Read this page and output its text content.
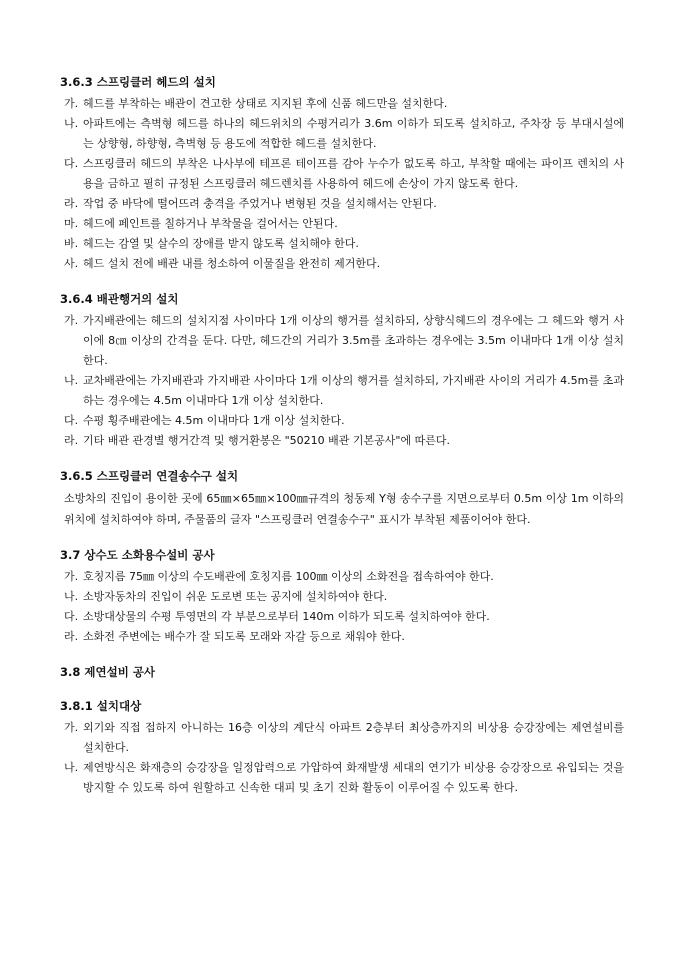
3.6.3 스프링클러 헤드의 설치

가. 헤드를 부착하는 배관이 견고한 상태로 지지된 후에 신품 헤드만을 설치한다.

나. 아파트에는 측벽형 헤드를 하나의 헤드위치의 수평거리가 3.6m 이하가 되도록 설치하고, 주차장 등 부대시설에는 상향형, 하향형, 측벽형 등 용도에 적합한 헤드를 설치한다.

다. 스프링클러 헤드의 부착은 나사부에 테프론 테이프를 감아 누수가 없도록 하고, 부착할 때에는 파이프 렌치의 사용을 금하고 필히 규정된 스프링클러 헤드렌치를 사용하여 헤드에 손상이 가지 않도록 한다.

라. 작업 중 바닥에 떨어뜨려 충격을 주었거나 변형된 것을 설치해서는 안된다.

마. 헤드에 페인트를 칠하거나 부착물을 걸어서는 안된다.

바. 헤드는 감열 및 살수의 장애를 받지 않도록 설치해야 한다.

사. 헤드 설치 전에 배관 내를 청소하여 이물질을 완전히 제거한다.

3.6.4 배관행거의 설치

가. 가지배관에는 헤드의 설치지점 사이마다 1개 이상의 행거를 설치하되, 상향식헤드의 경우에는 그 헤드와 행거 사이에 8㎝ 이상의 간격을 둔다. 다만, 헤드간의 거리가 3.5m를 초과하는 경우에는 3.5m 이내마다 1개 이상 설치한다.

나. 교차배관에는 가지배관과 가지배관 사이마다 1개 이상의 행거를 설치하되, 가지배관 사이의 거리가 4.5m를 초과하는 경우에는 4.5m 이내마다 1개 이상 설치한다.

다. 수평 횡주배관에는 4.5m 이내마다 1개 이상 설치한다.

라. 기타 배관 관경별 행거간격 및 행거환봉은 "50210 배관 기본공사"에 따른다.

3.6.5 스프링클러 연결송수구 설치

소방차의 진입이 용이한 곳에 65㎜×65㎜×100㎜규격의 청동제 Y형 송수구를 지면으로부터 0.5m 이상 1m 이하의 위치에 설치하여야 하며, 주물품의 글자 "스프링클러 연결송수구" 표시가 부착된 제품이어야 한다.

3.7 상수도 소화용수설비 공사

가. 호칭지름 75㎜ 이상의 수도배관에 호칭지름 100㎜ 이상의 소화전을 접속하여야 한다.

나. 소방자동차의 진입이 쉬운 도로변 또는 공지에 설치하여야 한다.

다. 소방대상물의 수평 투영면의 각 부분으로부터 140m 이하가 되도록 설치하여야 한다.

라. 소화전 주변에는 배수가 잘 되도록 모래와 자갈 등으로 채워야 한다.

3.8 제연설비 공사
3.8.1 설치대상

가. 외기와 직접 접하지 아니하는 16층 이상의 계단식 아파트 2층부터 최상층까지의 비상용 승강장에는 제연설비를 설치한다.

나. 제연방식은 화재층의 승강장을 일정압력으로 가압하여 화재발생 세대의 연기가 비상용 승강장으로 유입되는 것을 방지할 수 있도록 하여 원할하고 신속한 대피 및 초기 진화 활동이 이루어질 수 있도록 한다.
